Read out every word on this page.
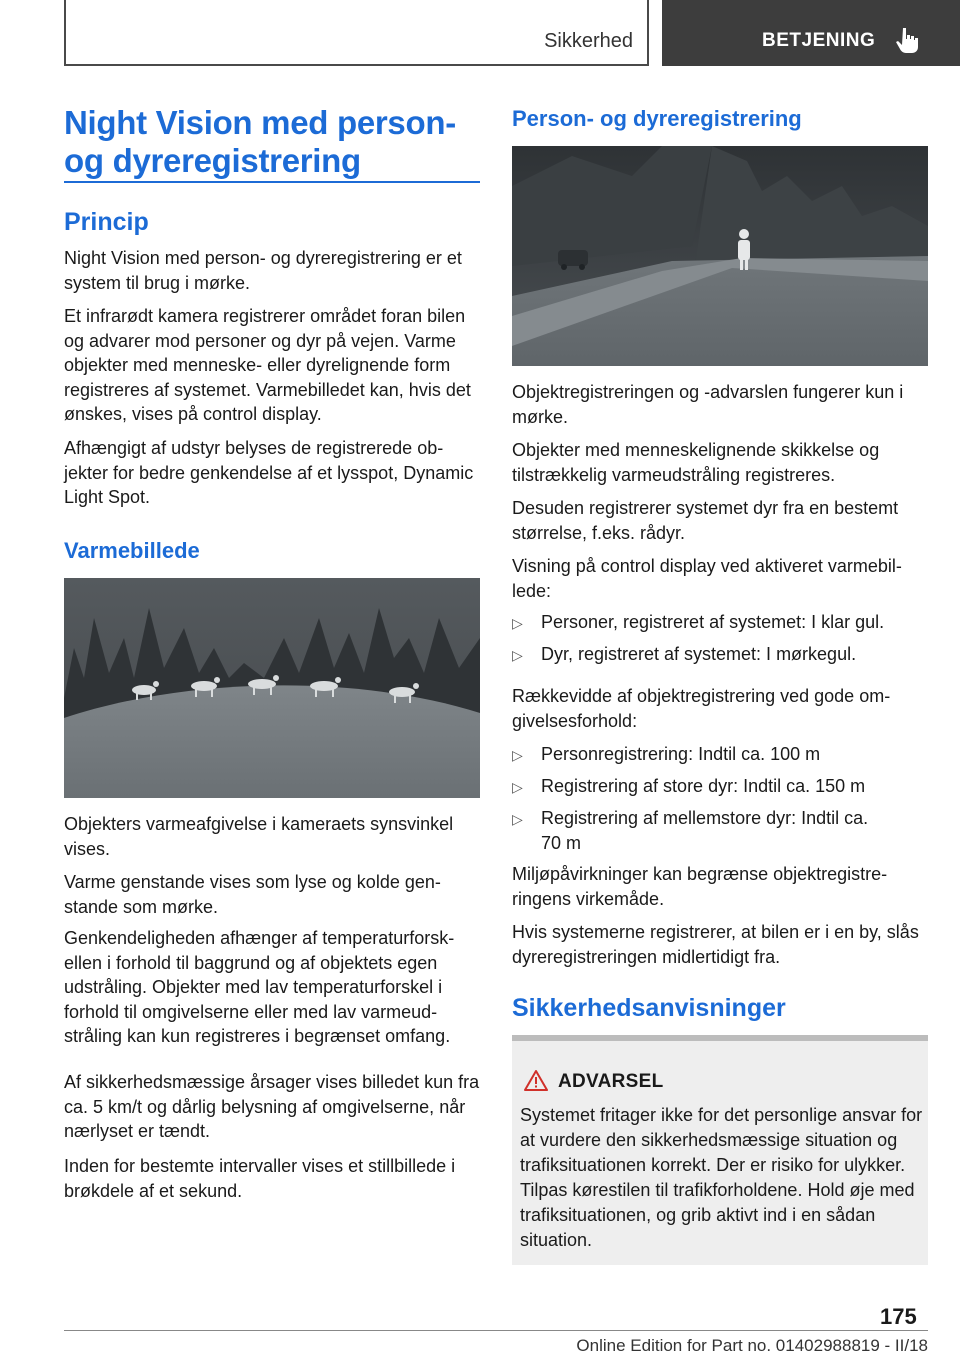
Sikkerhed	BETJENING
Night Vision med person-
og dyreregistrering
Princip
Night Vision med person- og dyreregistrering er et system til brug i mørke.
Et infrarødt kamera registrerer området foran bilen og advarer mod personer og dyr på vejen. Varme objekter med menneske- eller dyrelignende form registreres af systemet. Varmebilledet kan, hvis det ønskes, vises på control display.
Afhængigt af udstyr belyses de registrerede objekter for bedre genkendelse af et lysspot, Dynamic Light Spot.
Varmebillede
Objekters varmeafgivelse i kameraets synsvinkel vises.
Varme genstande vises som lyse og kolde genstande som mørke.
Genkendeligheden afhænger af temperaturforskellen i forhold til baggrund og af objektets egen udstråling. Objekter med lav temperaturforskel i forhold til omgivelserne eller med lav varmeudstråling kan kun registreres i begrænset omfang.
Af sikkerhedsmæssige årsager vises billedet kun fra ca. 5 km/t og dårlig belysning af omgivelserne, når nærlyset er tændt.
Inden for bestemte intervaller vises et stillbillede i brøkdele af et sekund.
Person- og dyreregistrering
Objektregistreringen og -advarslen fungerer kun i mørke.
Objekter med menneskelignende skikkelse og tilstrækkelig varmeudstråling registreres.
Desuden registrerer systemet dyr fra en bestemt størrelse, f.eks. rådyr.
Visning på control display ved aktiveret varmebillede:
▷ Personer, registreret af systemet: I klar gul.
▷ Dyr, registreret af systemet: I mørkegul.
Rækkevidde af objektregistrering ved gode omgivelsesforhold:
▷ Personregistrering: Indtil ca. 100 m
▷ Registrering af store dyr: Indtil ca. 150 m
▷ Registrering af mellemstore dyr: Indtil ca.
70 m
Miljøpåvirkninger kan begrænse objektregistreringens virkemåde.
Hvis systemerne registrerer, at bilen er i en by, slås dyreregistreringen midlertidigt fra.
Sikkerhedsanvisninger
ADVARSEL
Systemet fritager ikke for det personlige ansvar for at vurdere den sikkerhedsmæssige situation og trafiksituationen korrekt. Der er risiko for ulykker. Tilpas kørestilen til trafikforholdene. Hold øje med trafiksituationen, og grib aktivt ind i en sådan situation.
175
Online Edition for Part no. 01402988819 - II/18
